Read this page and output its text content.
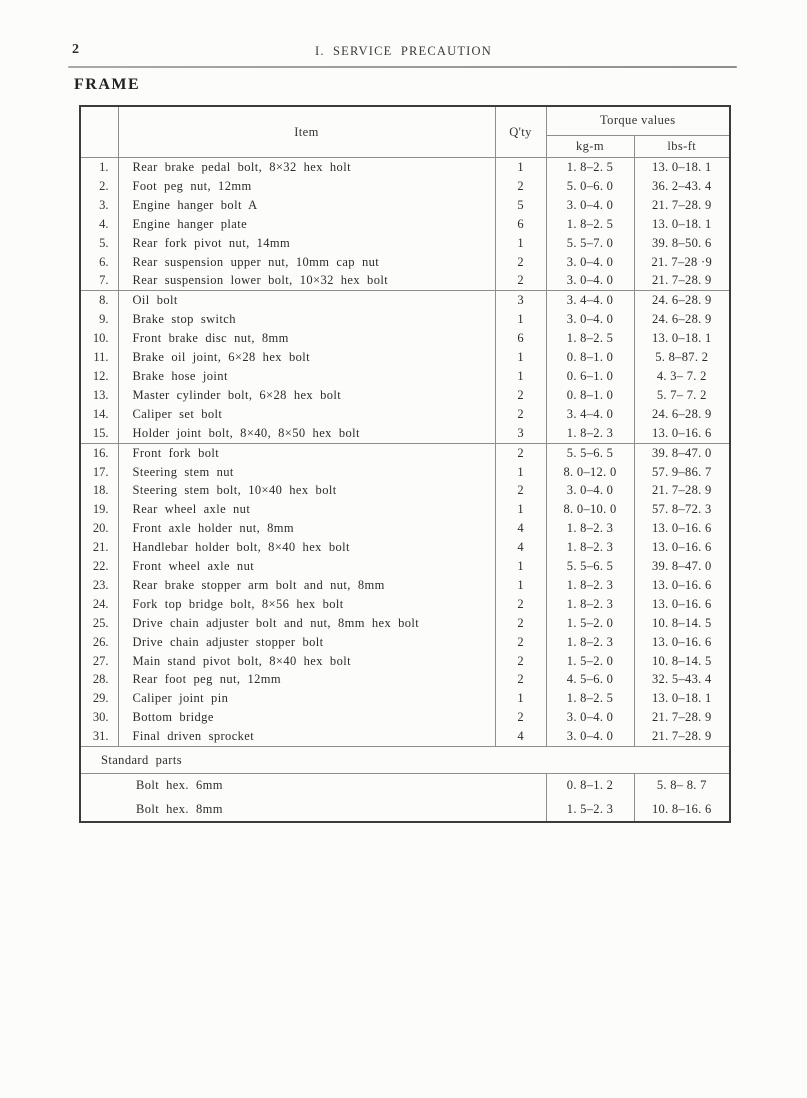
2	I. SERVICE PRECAUTION
FRAME
	Item	Q'ty	Torque values	
			kg-m	lbs-ft
1.	Rear brake pedal bolt, 8×32 hex holt	1	1. 8–2. 5	13. 0–18. 1
2.	Foot peg nut, 12mm	2	5. 0–6. 0	36. 2–43. 4
3.	Engine hanger bolt A	5	3. 0–4. 0	21. 7–28. 9
4.	Engine hanger plate	6	1. 8–2. 5	13. 0–18. 1
5.	Rear fork pivot nut, 14mm	1	5. 5–7. 0	39. 8–50. 6
6.	Rear suspension upper nut, 10mm cap nut	2	3. 0–4. 0	21. 7–28 ·9
7.	Rear suspension lower bolt, 10×32 hex bolt	2	3. 0–4. 0	21. 7–28. 9
8.	Oil bolt	3	3. 4–4. 0	24. 6–28. 9
9.	Brake stop switch	1	3. 0–4. 0	24. 6–28. 9
10.	Front brake disc nut, 8mm	6	1. 8–2. 5	13. 0–18. 1
11.	Brake oil joint, 6×28 hex bolt	1	0. 8–1. 0	5. 8–87. 2
12.	Brake hose joint	1	0. 6–1. 0	4. 3– 7. 2
13.	Master cylinder bolt, 6×28 hex bolt	2	0. 8–1. 0	5. 7– 7. 2
14.	Caliper set bolt	2	3. 4–4. 0	24. 6–28. 9
15.	Holder joint bolt, 8×40, 8×50 hex bolt	3	1. 8–2. 3	13. 0–16. 6
16.	Front fork bolt	2	5. 5–6. 5	39. 8–47. 0
17.	Steering stem nut	1	8. 0–12. 0	57. 9–86. 7
18.	Steering stem bolt, 10×40 hex bolt	2	3. 0–4. 0	21. 7–28. 9
19.	Rear wheel axle nut	1	8. 0–10. 0	57. 8–72. 3
20.	Front axle holder nut, 8mm	4	1. 8–2. 3	13. 0–16. 6
21.	Handlebar holder bolt, 8×40 hex bolt	4	1. 8–2. 3	13. 0–16. 6
22.	Front wheel axle nut	1	5. 5–6. 5	39. 8–47. 0
23.	Rear brake stopper arm bolt and nut, 8mm	1	1. 8–2. 3	13. 0–16. 6
24.	Fork top bridge bolt, 8×56 hex bolt	2	1. 8–2. 3	13. 0–16. 6
25.	Drive chain adjuster bolt and nut, 8mm hex bolt	2	1. 5–2. 0	10. 8–14. 5
26.	Drive chain adjuster stopper bolt	2	1. 8–2. 3	13. 0–16. 6
27.	Main stand pivot bolt, 8×40 hex bolt	2	1. 5–2. 0	10. 8–14. 5
28.	Rear foot peg nut, 12mm	2	4. 5–6. 0	32. 5–43. 4
29.	Caliper joint pin	1	1. 8–2. 5	13. 0–18. 1
30.	Bottom bridge	2	3. 0–4. 0	21. 7–28. 9
31.	Final driven sprocket	4	3. 0–4. 0	21. 7–28. 9
Standard parts				
Bolt hex. 6mm			0. 8–1. 2	5. 8– 8. 7
Bolt hex. 8mm			1. 5–2. 3	10. 8–16. 6
